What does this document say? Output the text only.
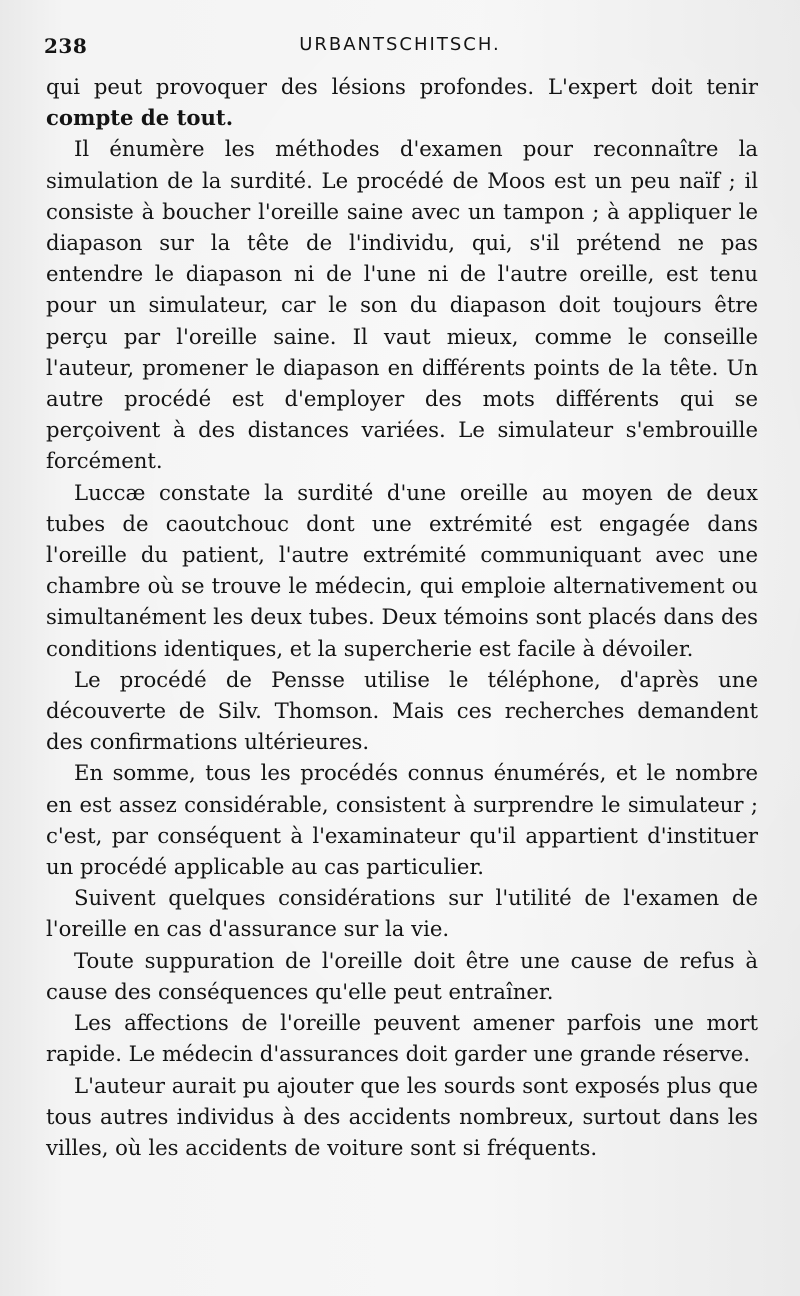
238	URBANTSCHITSCH.

qui peut provoquer des lésions profondes. L'expert doit tenir compte de tout.

Il énumère les méthodes d'examen pour reconnaître la simulation de la surdité. Le procédé de Moos est un peu naïf ; il consiste à boucher l'oreille saine avec un tampon ; à appliquer le diapason sur la tête de l'individu, qui, s'il prétend ne pas entendre le diapason ni de l'une ni de l'autre oreille, est tenu pour un simulateur, car le son du diapason doit toujours être perçu par l'oreille saine. Il vaut mieux, comme le conseille l'auteur, promener le diapason en différents points de la tête. Un autre procédé est d'employer des mots différents qui se perçoivent à des distances variées. Le simulateur s'embrouille forcément.

Luccæ constate la surdité d'une oreille au moyen de deux tubes de caoutchouc dont une extrémité est engagée dans l'oreille du patient, l'autre extrémité communiquant avec une chambre où se trouve le médecin, qui emploie alternativement ou simultanément les deux tubes. Deux témoins sont placés dans des conditions identiques, et la supercherie est facile à dévoiler.

Le procédé de Pensse utilise le téléphone, d'après une découverte de Silv. Thomson. Mais ces recherches demandent des confirmations ultérieures.

En somme, tous les procédés connus énumérés, et le nombre en est assez considérable, consistent à surprendre le simulateur ; c'est, par conséquent à l'examinateur qu'il appartient d'instituer un procédé applicable au cas particulier.

Suivent quelques considérations sur l'utilité de l'examen de l'oreille en cas d'assurance sur la vie.

Toute suppuration de l'oreille doit être une cause de refus à cause des conséquences qu'elle peut entraîner.

Les affections de l'oreille peuvent amener parfois une mort rapide. Le médecin d'assurances doit garder une grande réserve.

L'auteur aurait pu ajouter que les sourds sont exposés plus que tous autres individus à des accidents nombreux, surtout dans les villes, où les accidents de voiture sont si fréquents.
